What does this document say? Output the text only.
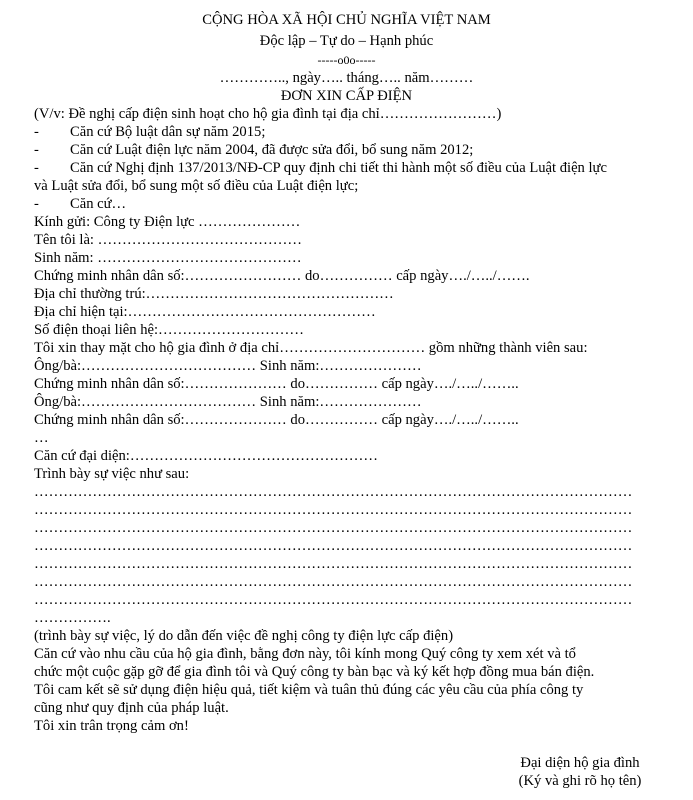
CỘNG HÒA XÃ HỘI CHỦ NGHĨA VIỆT NAM
Độc lập – Tự do – Hạnh phúc
-----o0o-----
………….., ngày….. tháng….. năm………
ĐƠN XIN CẤP ĐIỆN
(V/v: Đề nghị cấp điện sinh hoạt cho hộ gia đình tại địa chỉ……………………)
- Căn cứ Bộ luật dân sự năm 2015;
- Căn cứ Luật điện lực năm 2004, đã được sửa đổi, bổ sung năm 2012;
- Căn cứ Nghị định 137/2013/NĐ-CP quy định chi tiết thi hành một số điều của Luật điện lực
và Luật sửa đổi, bổ sung một số điều của Luật điện lực;
- Căn cứ…
Kính gửi: Công ty Điện lực …………………
Tên tôi là: ……………………………………
Sinh năm: ……………………………………
Chứng minh nhân dân số:…………………… do…………… cấp ngày…./…../…….
Địa chỉ thường trú:……………………………………………
Địa chỉ hiện tại:……………………………………………
Số điện thoại liên hệ:…………………………
Tôi xin thay mặt cho hộ gia đình ở địa chỉ………………………… gồm những thành viên sau:
Ông/bà:……………………………… Sinh năm:…………………
Chứng minh nhân dân số:………………… do…………… cấp ngày…./…../……..
Ông/bà:……………………………… Sinh năm:…………………
Chứng minh nhân dân số:………………… do…………… cấp ngày…./…../……..
…
Căn cứ đại diện:……………………………………………
Trình bày sự việc như sau:
……………………………………………………………………………………………………………
……………………………………………………………………………………………………………
……………………………………………………………………………………………………………
……………………………………………………………………………………………………………
……………………………………………………………………………………………………………
……………………………………………………………………………………………………………
……………………………………………………………………………………………………………
…………….
(trình bày sự việc, lý do dẫn đến việc đề nghị công ty điện lực cấp điện)
Căn cứ vào nhu cầu của hộ gia đình, bằng đơn này, tôi kính mong Quý công ty xem xét và tổ
chức một cuộc gặp gỡ để gia đình tôi và Quý công ty bàn bạc và ký kết hợp đồng mua bán điện.
Tôi cam kết sẽ sử dụng điện hiệu quả, tiết kiệm và tuân thủ đúng các yêu cầu của phía công ty
cũng như quy định của pháp luật.
Tôi xin trân trọng cảm ơn!
Đại diện hộ gia đình
(Ký và ghi rõ họ tên)
